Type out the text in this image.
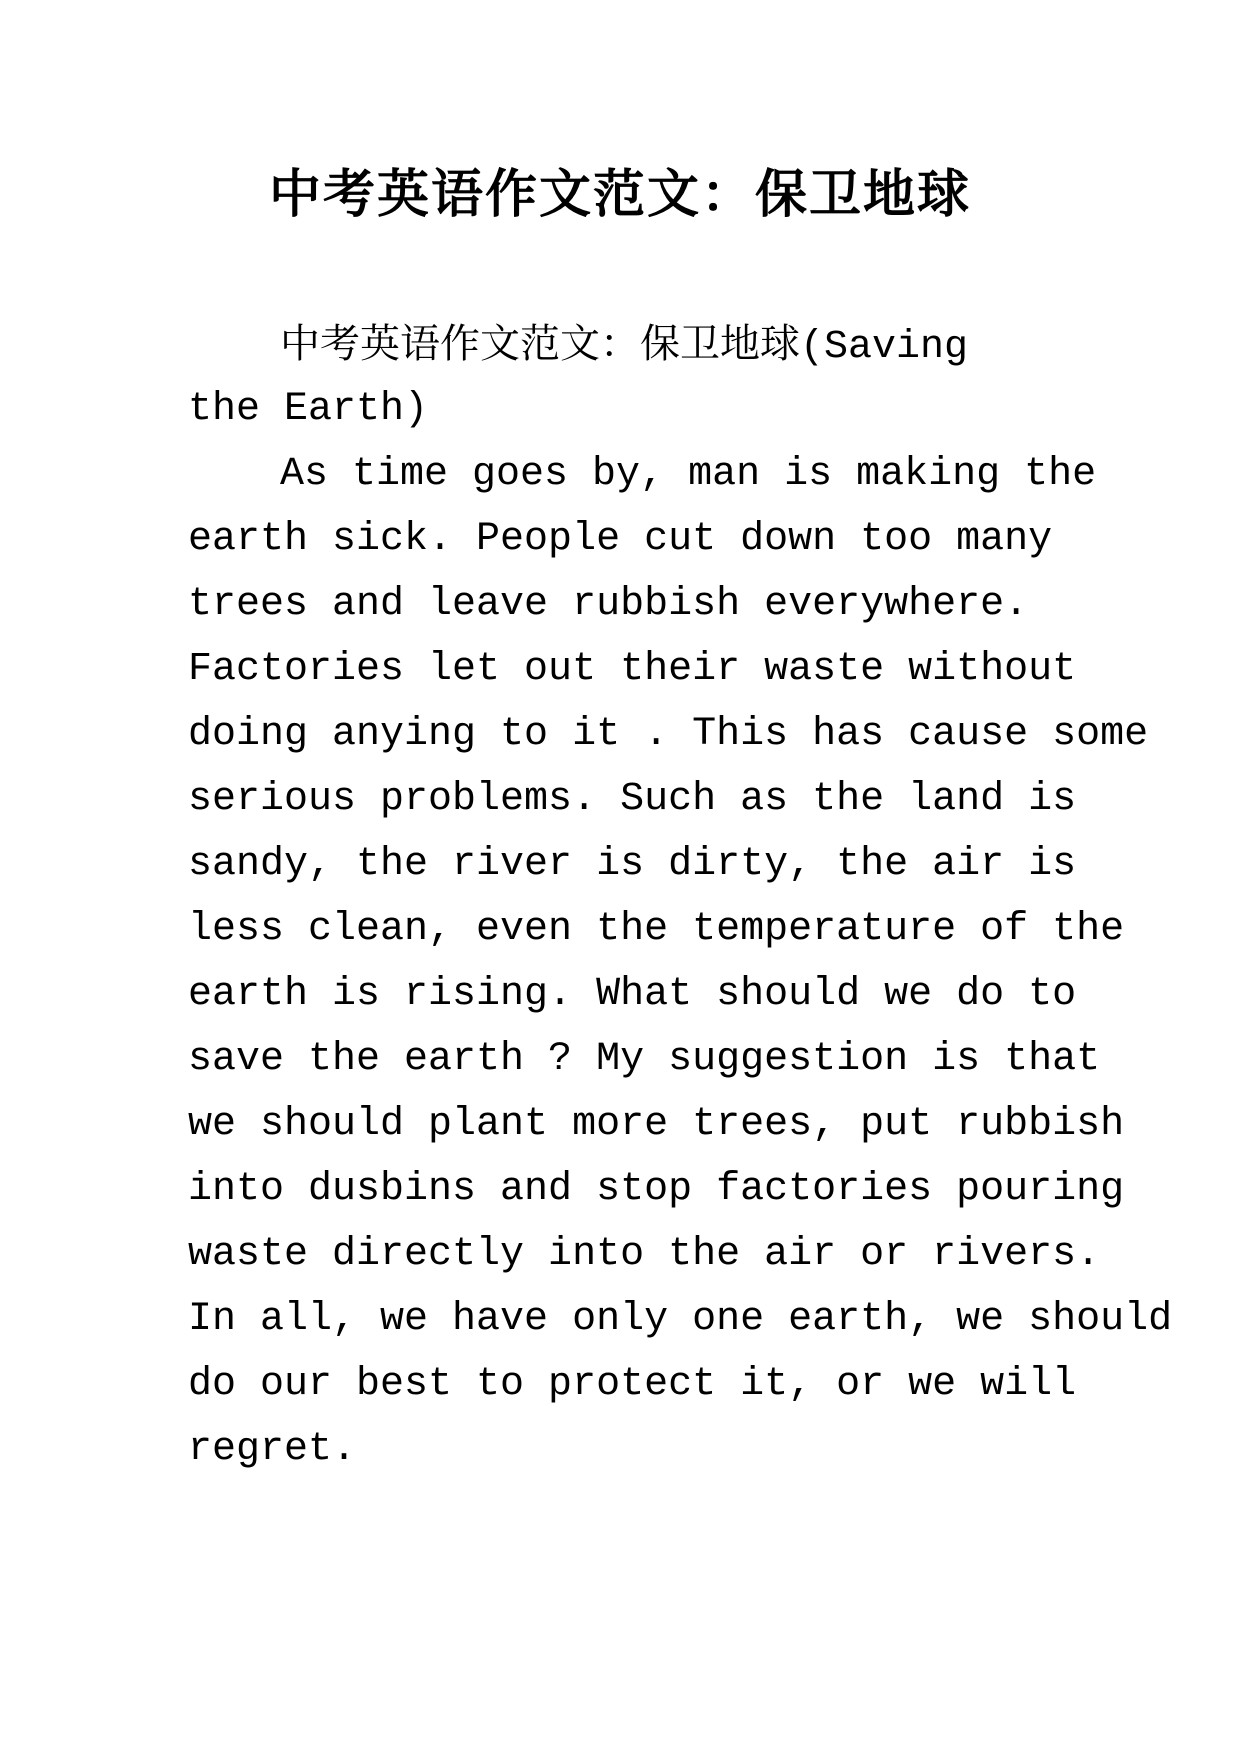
中考英语作文范文：保卫地球
中考英语作文范文：保卫地球(Saving
the Earth)
As time goes by, man is making the
earth sick. People cut down too many
trees and leave rubbish everywhere.
Factories let out their waste without
doing anying to it . This has cause some
serious problems. Such as the land is
sandy, the river is dirty, the air is
less clean, even the temperature of the
earth is rising. What should we do to
save the earth ? My suggestion is that
we should plant more trees, put rubbish
into dusbins and stop factories pouring
waste directly into the air or rivers.
In all, we have only one earth, we should
do our best to protect it, or we will
regret.
